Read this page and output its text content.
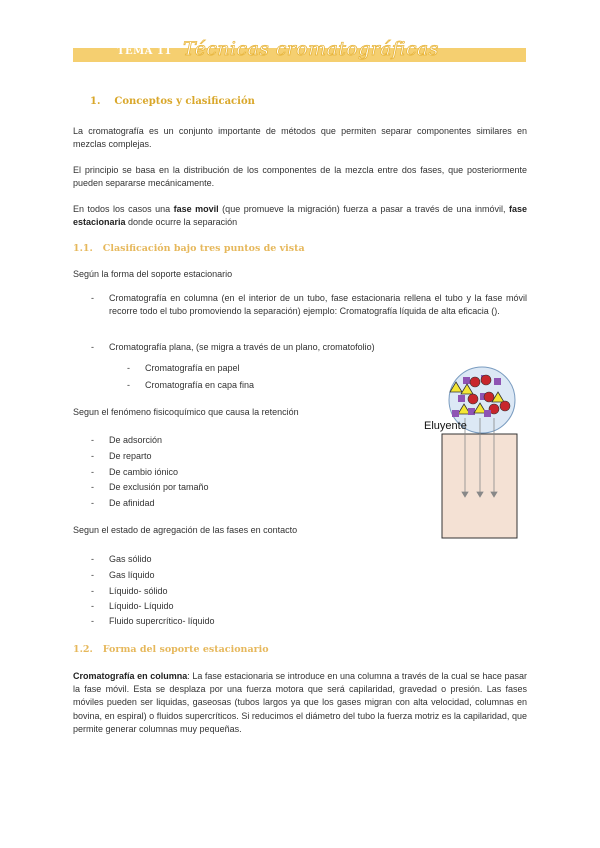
TEMA 11 Técnicas cromatográficas
1. Conceptos y clasificación
La cromatografía es un conjunto importante de métodos que permiten separar componentes similares en mezclas complejas.
El principio se basa en la distribución de los componentes de la mezcla entre dos fases, que posteriormente pueden separarse mecánicamente.
En todos los casos una fase movil (que promueve la migración) fuerza a pasar a través de una inmóvil, fase estacionaria donde ocurre la separación
1.1. Clasificación bajo tres puntos de vista
Según la forma del soporte estacionario
- Cromatografía en columna (en el interior de un tubo, fase estacionaria rellena el tubo y la fase móvil recorre todo el tubo promoviendo la separación) ejemplo: Cromatografía líquida de alta eficacia ().
- Cromatografía plana, (se migra a través de un plano, cromatofolio)
- Cromatografía en papel
- Cromatografía en capa fina
Segun el fenómeno fisicoquímico que causa la retención
- De adsorción
- De reparto
- De cambio iónico
- De exclusión por tamaño
- De afinidad
Segun el estado de agregación de las fases en contacto
- Gas sólido
- Gas líquido
- Líquido- sólido
- Líquido- Líquido
- Fluido supercrítico- líquido
1.2. Forma del soporte estacionario
Cromatografía en columna: La fase estacionaria se introduce en una columna a través de la cual se hace pasar la fase móvil. Esta se desplaza por una fuerza motora que será capilaridad, gravedad o presión. Las fases móviles pueden ser liquidas, gaseosas (tubos largos ya que los gases migran con alta velocidad, columnas en bovina, en espiral) o fluidos supercríticos. Si reducimos el diámetro del tubo la fuerza motriz es la capilaridad, que permite generar columnas muy pequeñas.
Eluyente
